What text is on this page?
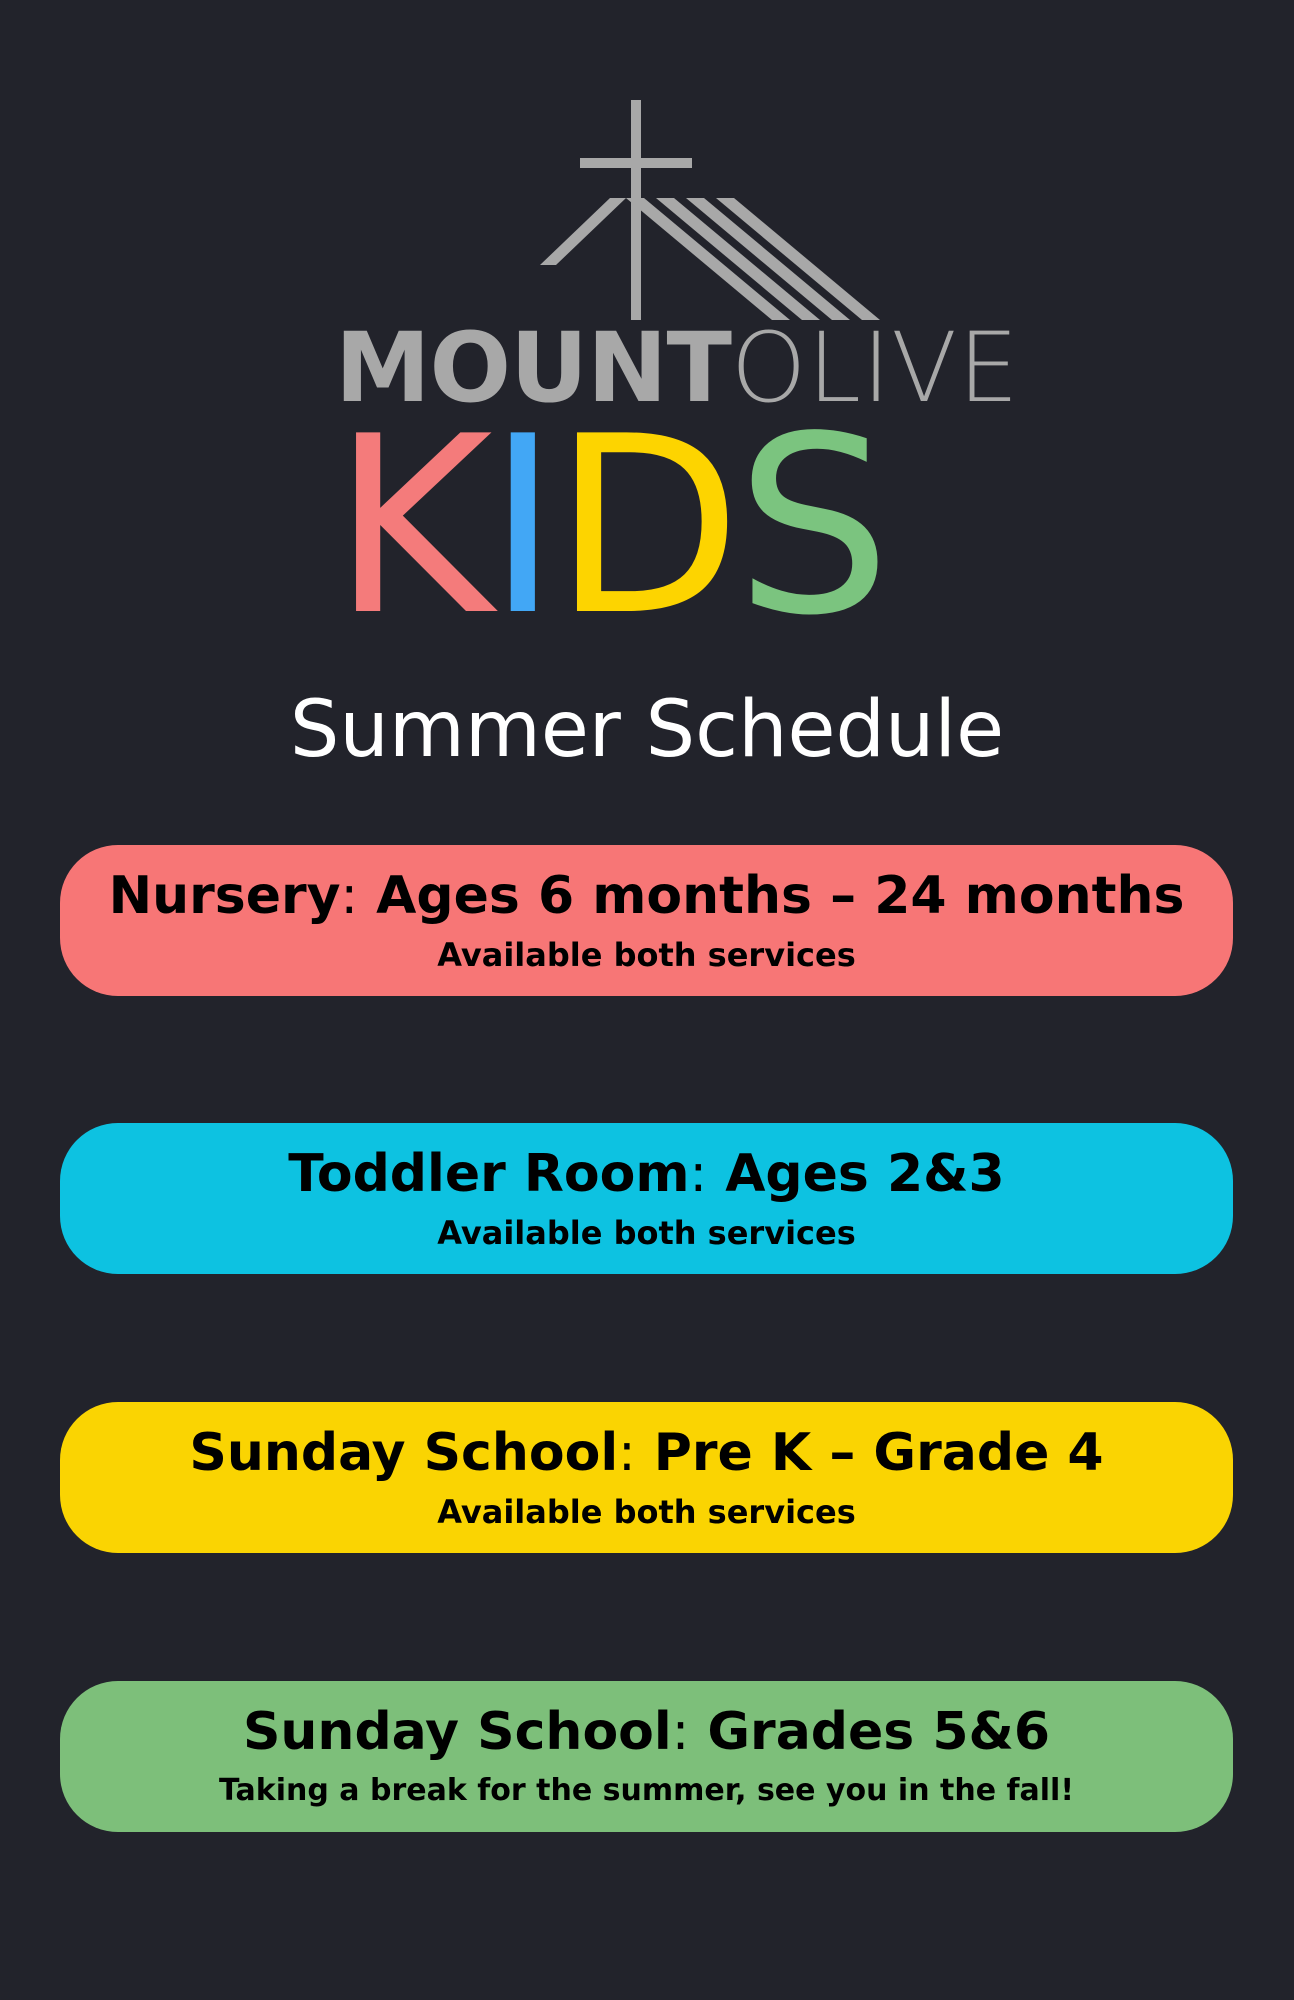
MOUNTOLIVE
KIDS
Summer Schedule
Nursery: Ages 6 months – 24 months
Available both services
Toddler Room: Ages 2&3
Available both services
Sunday School: Pre K – Grade 4
Available both services
Sunday School: Grades 5&6
Taking a break for the summer, see you in the fall!
